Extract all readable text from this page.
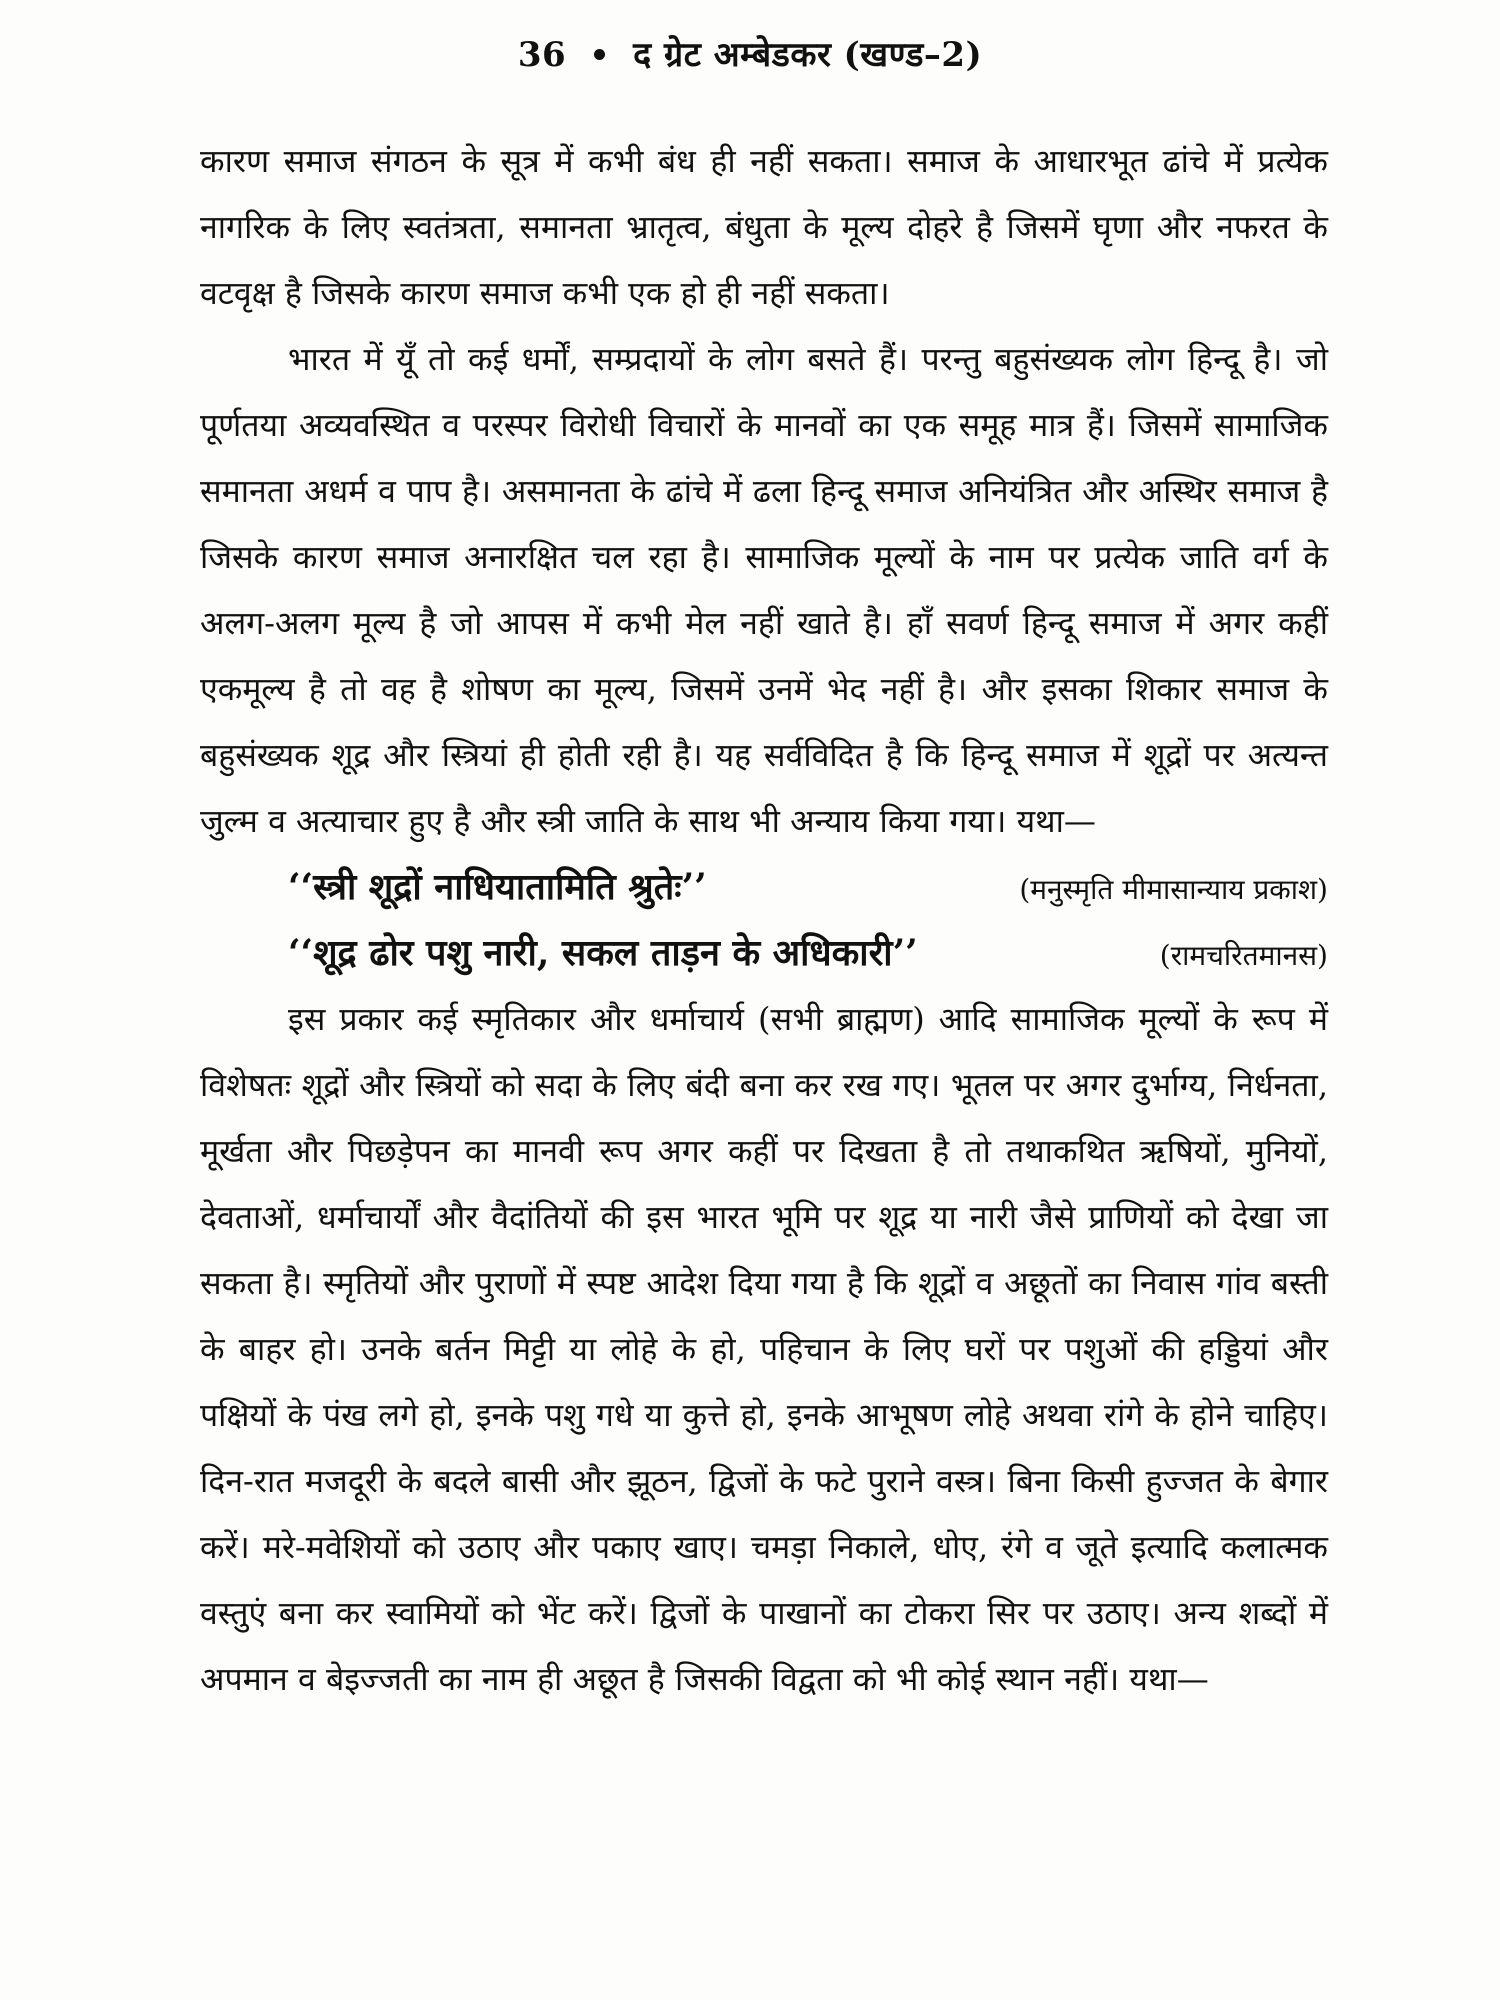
36 द ग्रेट अम्बेडकर (खण्ड–2)

कारण समाज संगठन के सूत्र में कभी बंध ही नहीं सकता। समाज के आधारभूत ढांचे में प्रत्येक नागरिक के लिए स्वतंत्रता, समानता भ्रातृत्व, बंधुता के मूल्य दोहरे है जिसमें घृणा और नफरत के वटवृक्ष है जिसके कारण समाज कभी एक हो ही नहीं सकता।

भारत में यूँ तो कई धर्मों, सम्प्रदायों के लोग बसते हैं। परन्तु बहुसंख्यक लोग हिन्दू है। जो पूर्णतया अव्यवस्थित व परस्पर विरोधी विचारों के मानवों का एक समूह मात्र हैं। जिसमें सामाजिक समानता अधर्म व पाप है। असमानता के ढांचे में ढला हिन्दू समाज अनियंत्रित और अस्थिर समाज है जिसके कारण समाज अनारक्षित चल रहा है। सामाजिक मूल्यों के नाम पर प्रत्येक जाति वर्ग के अलग-अलग मूल्य है जो आपस में कभी मेल नहीं खाते है। हाँ सवर्ण हिन्दू समाज में अगर कहीं एकमूल्य है तो वह है शोषण का मूल्य, जिसमें उनमें भेद नहीं है। और इसका शिकार समाज के बहुसंख्यक शूद्र और स्त्रियां ही होती रही है। यह सर्वविदित है कि हिन्दू समाज में शूद्रों पर अत्यन्त जुल्म व अत्याचार हुए है और स्त्री जाति के साथ भी अन्याय किया गया। यथा—

‘‘स्त्री शूद्रों नाधियातामिति श्रुतेः’’	(मनुस्मृति मीमासान्याय प्रकाश)
‘‘शूद्र ढोर पशु नारी, सकल ताड़न के अधिकारी’’	(रामचरितमानस)

इस प्रकार कई स्मृतिकार और धर्माचार्य (सभी ब्राह्मण) आदि सामाजिक मूल्यों के रूप में विशेषतः शूद्रों और स्त्रियों को सदा के लिए बंदी बना कर रख गए। भूतल पर अगर दुर्भाग्य, निर्धनता, मूर्खता और पिछड़ेपन का मानवी रूप अगर कहीं पर दिखता है तो तथाकथित ऋषियों, मुनियों, देवताओं, धर्माचार्यों और वैदांतियों की इस भारत भूमि पर शूद्र या नारी जैसे प्राणियों को देखा जा सकता है। स्मृतियों और पुराणों में स्पष्ट आदेश दिया गया है कि शूद्रों व अछूतों का निवास गांव बस्ती के बाहर हो। उनके बर्तन मिट्टी या लोहे के हो, पहिचान के लिए घरों पर पशुओं की हड्डियां और पक्षियों के पंख लगे हो, इनके पशु गधे या कुत्ते हो, इनके आभूषण लोहे अथवा रांगे के होने चाहिए। दिन-रात मजदूरी के बदले बासी और झूठन, द्विजों के फटे पुराने वस्त्र। बिना किसी हुज्जत के बेगार करें। मरे-मवेशियों को उठाए और पकाए खाए। चमड़ा निकाले, धोए, रंगे व जूते इत्यादि कलात्मक वस्तुएं बना कर स्वामियों को भेंट करें। द्विजों के पाखानों का टोकरा सिर पर उठाए। अन्य शब्दों में अपमान व बेइज्जती का नाम ही अछूत है जिसकी विद्वता को भी कोई स्थान नहीं। यथा—
